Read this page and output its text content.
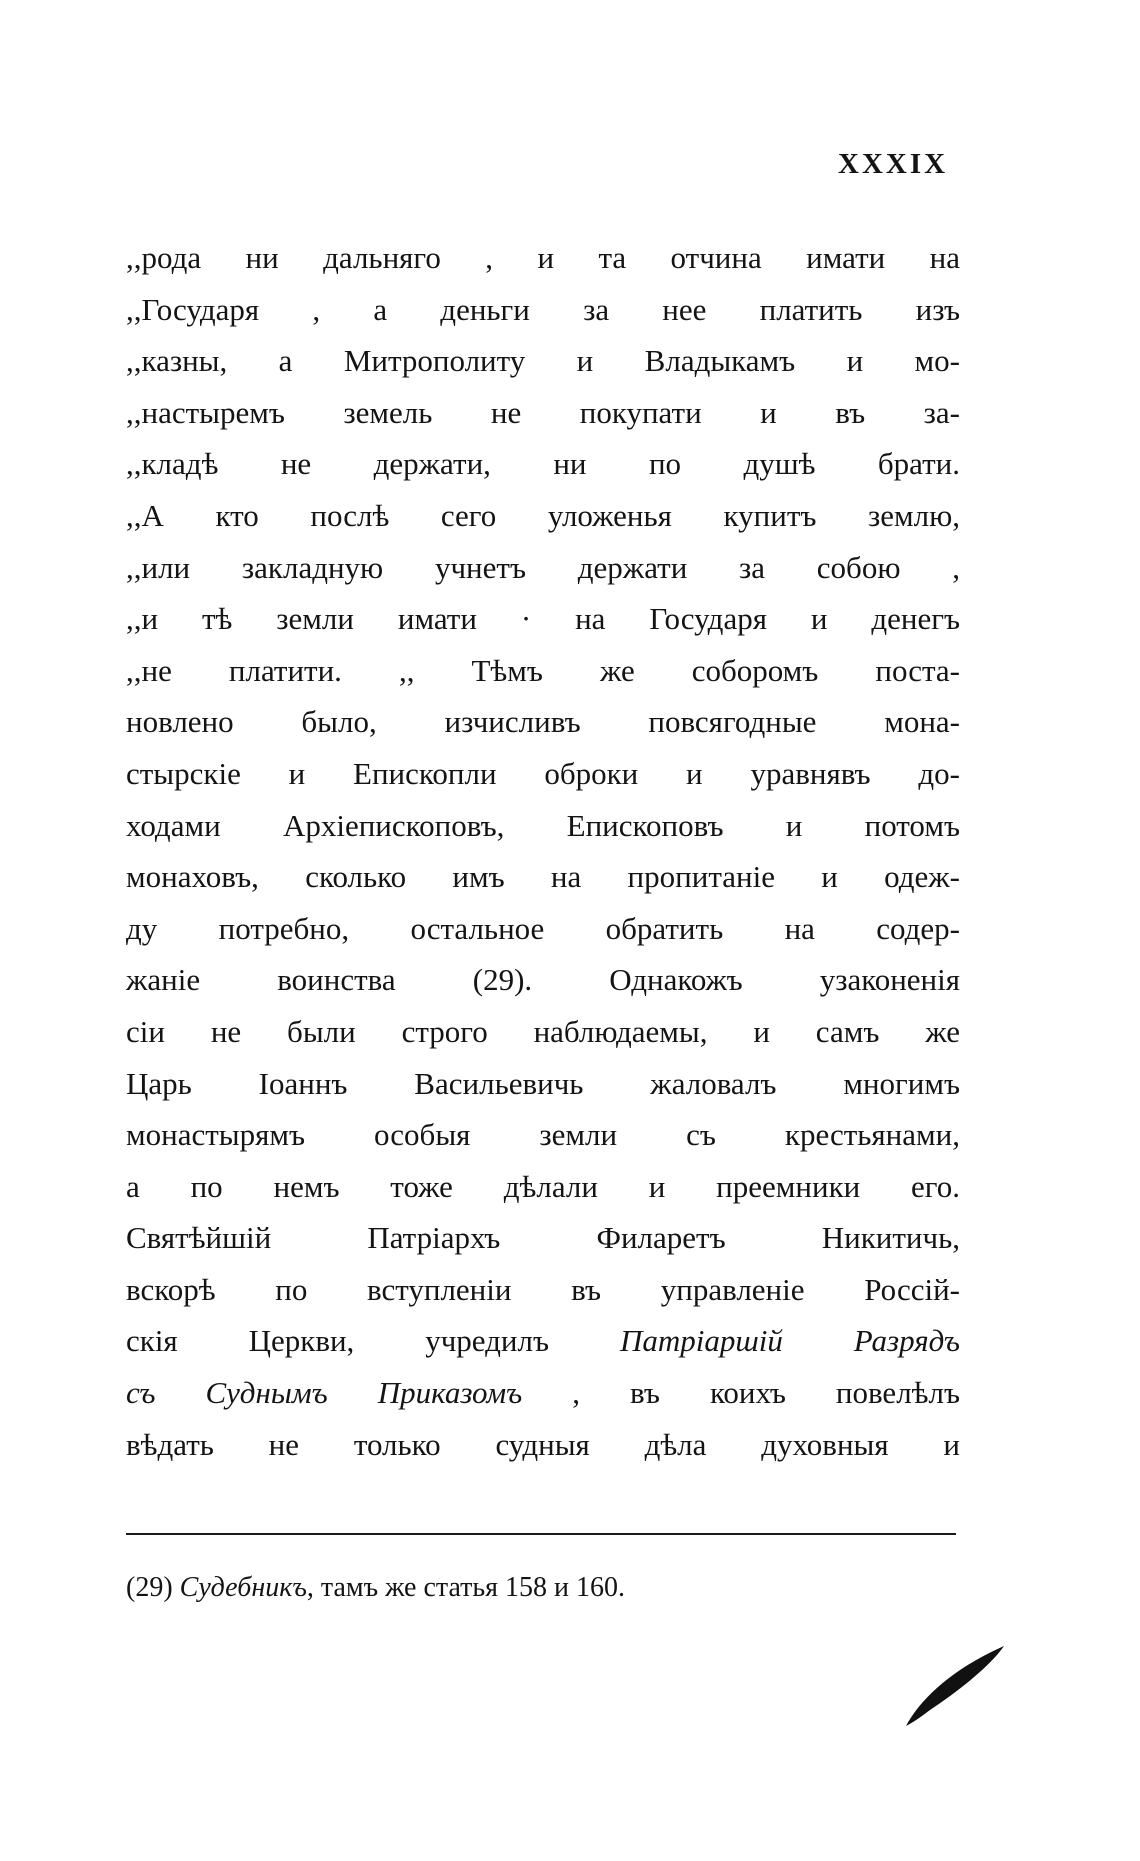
XXXIX
,,рода ни дальняго , и та отчина имати на
,,Государя , а деньги за нее платить изъ
,,казны, а Митрополиту и Владыкамъ и мо-
,,настыремъ земель не покупати и въ за-
,,кладѣ не держати, ни по душѣ брати.
,,А кто послѣ сего уложенья купитъ землю,
,,или закладную учнетъ держати за собою ,
,,и тѣ земли имати · на Государя и денегъ
,,не платити. ,, Тѣмъ же соборомъ поста-
новлено было, изчисливъ повсягодные мона-
стырскіе и Епископли оброки и уравнявъ до-
ходами Архіепископовъ, Епископовъ и потомъ
монаховъ, сколько имъ на пропитаніе и одеж-
ду потребно, остальное обратить на содер-
жаніе воинства (29). Однакожъ узаконенія
сіи не были строго наблюдаемы, и самъ же
Царь Іоаннъ Васильевичь жаловалъ многимъ
монастырямъ особыя земли съ крестьянами,
а по немъ тоже дѣлали и преемники его.
Святѣйшій Патріархъ Филаретъ Никитичь,
вскорѣ по вступленіи въ управленіе Россій-
скія Церкви, учредилъ Патріаршій Разрядъ
съ Суднымъ Приказомъ , въ коихъ повелѣлъ
вѣдать не только судныя дѣла духовныя и
(29) Судебникъ, тамъ же статья 158 и 160.
